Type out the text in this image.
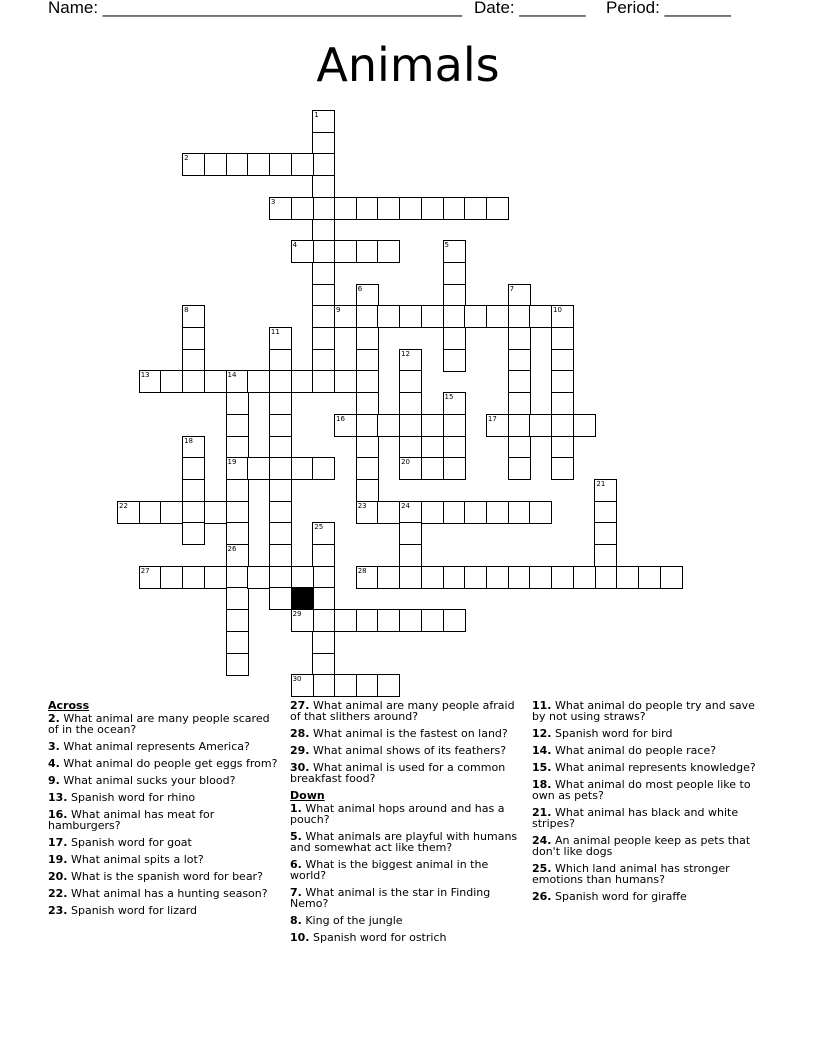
Name: ______________________________________ Date: _______ Period: _______
Animals
1
2
3
4	5
6
23
7
8	9	10
11
12
20
13	14
19
15
16	17
18
21
22	24
25
26
27	28
29
30
Across
2. What animal are many people scared of in the ocean?
3. What animal represents America?
4. What animal do people get eggs from?
9. What animal sucks your blood?
13. Spanish word for rhino
16. What animal has meat for hamburgers?
17. Spanish word for goat
19. What animal spits a lot?
20. What is the spanish word for bear?
22. What animal has a hunting season?
23. Spanish word for lizard
27. What animal are many people afraid of that slithers around?
28. What animal is the fastest on land?
29. What animal shows of its feathers?
30. What animal is used for a common breakfast food?
Down
1. What animal hops around and has a pouch?
5. What animals are playful with humans and somewhat act like them?
6. What is the biggest animal in the world?
7. What animal is the star in Finding Nemo?
8. King of the jungle
10. Spanish word for ostrich
11. What animal do people try and save by not using straws?
12. Spanish word for bird
14. What animal do people race?
15. What animal represents knowledge?
18. What animal do most people like to own as pets?
21. What animal has black and white stripes?
24. An animal people keep as pets that don't like dogs
25. Which land animal has stronger emotions than humans?
26. Spanish word for giraffe
